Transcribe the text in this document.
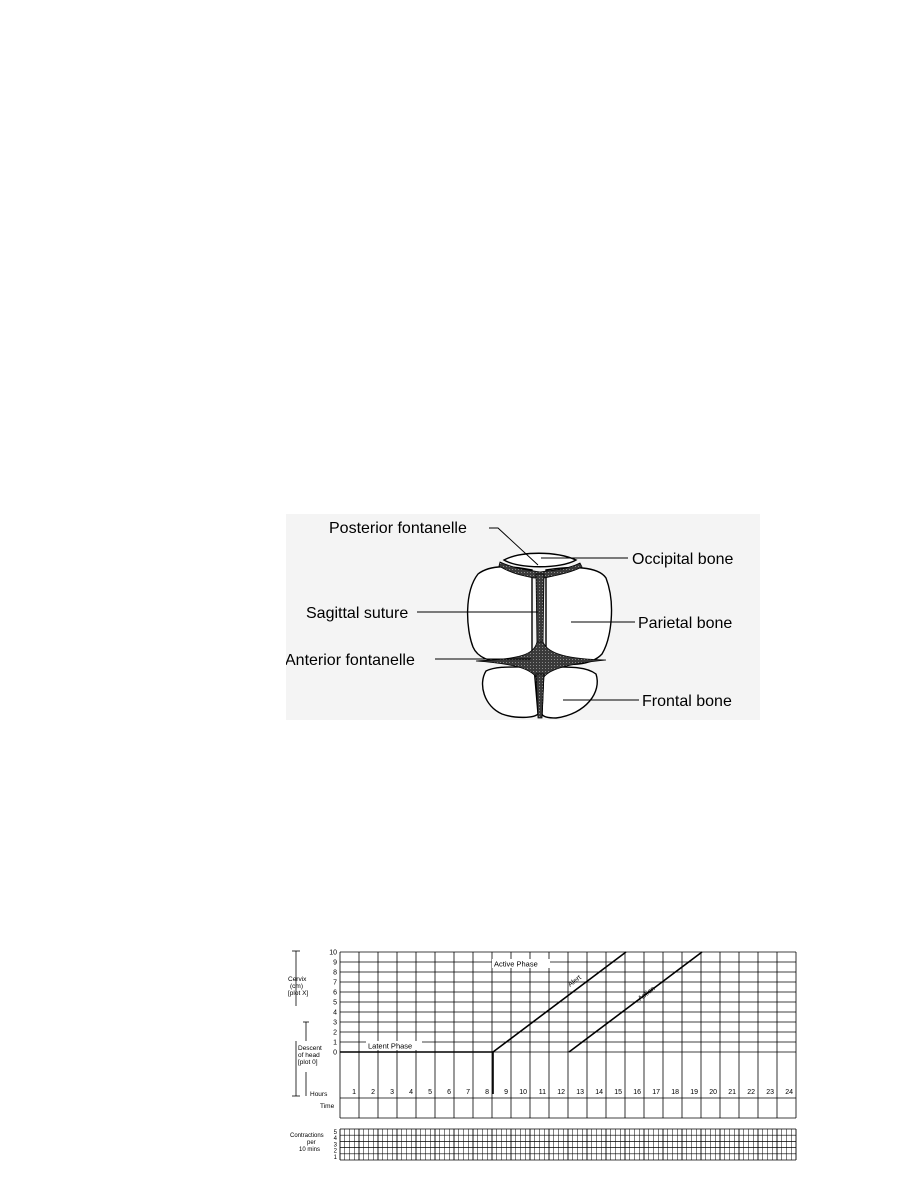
Posterior fontanelle
Occipital bone
Sagittal suture
Parietal bone
Anterior fontanelle
Frontal bone
Cervix
(cm)
[plot X]
Descent
of head
[plot 0]
10
9
8
7
6
5
4
3
2
1
0
1 2 3 4 5 6 7 8 9 10 11 12 13 14 15 16 17 18 19 20 21 22 23 24
5
4
3
2
1
Active Phase
Latent Phase
Alert
Action
Hours
Time
Contractions
per
10 mins
